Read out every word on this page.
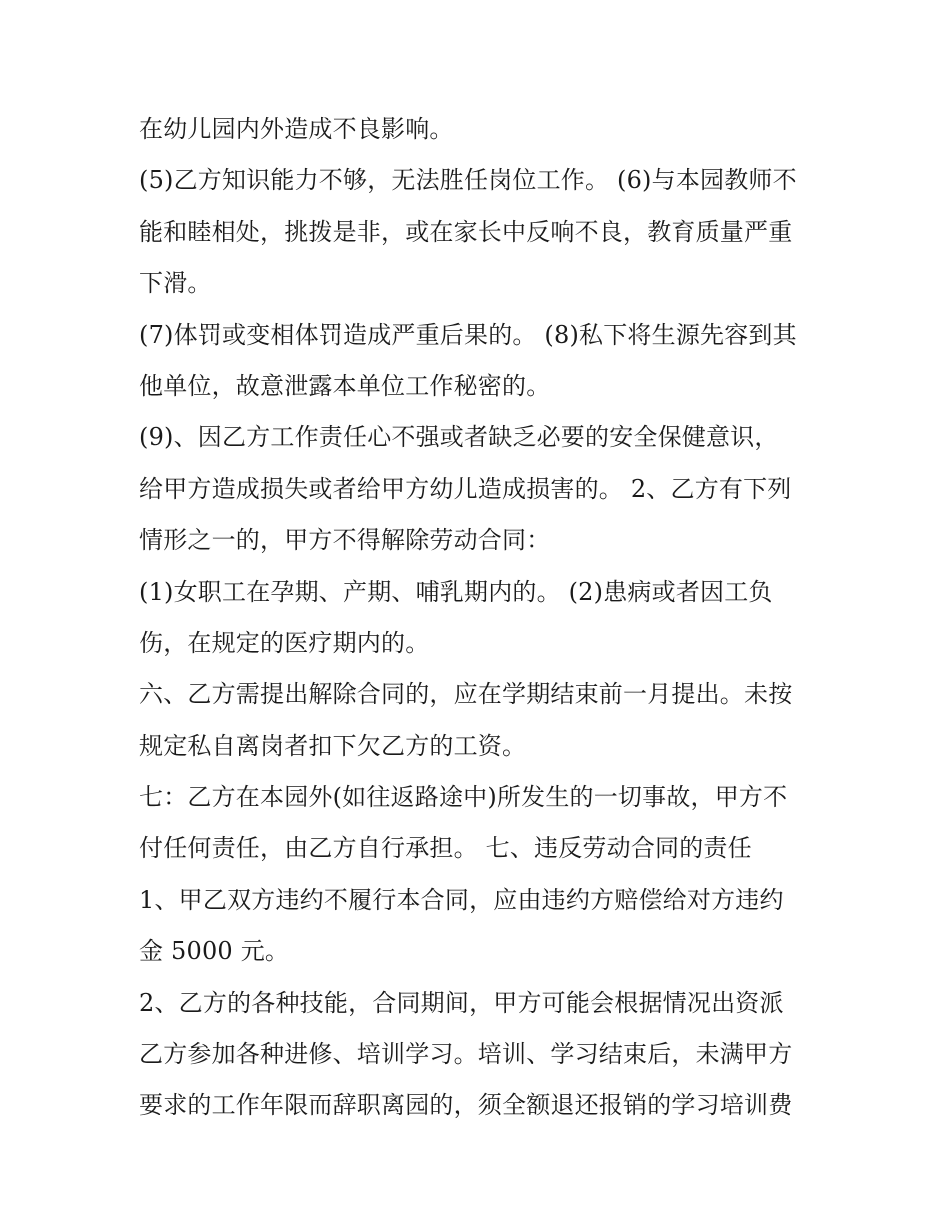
在幼儿园内外造成不良影响。
(5)乙方知识能力不够，无法胜任岗位工作。 (6)与本园教师不
能和睦相处，挑拨是非，或在家长中反响不良，教育质量严重
下滑。
(7)体罚或变相体罚造成严重后果的。 (8)私下将生源先容到其
他单位，故意泄露本单位工作秘密的。
(9)、因乙方工作责任心不强或者缺乏必要的安全保健意识，
给甲方造成损失或者给甲方幼儿造成损害的。 2、乙方有下列
情形之一的，甲方不得解除劳动合同：
(1)女职工在孕期、产期、哺乳期内的。 (2)患病或者因工负
伤，在规定的医疗期内的。
六、乙方需提出解除合同的，应在学期结束前一月提出。未按
规定私自离岗者扣下欠乙方的工资。
七：乙方在本园外(如往返路途中)所发生的一切事故，甲方不
付任何责任，由乙方自行承担。 七、违反劳动合同的责任
1、甲乙双方违约不履行本合同，应由违约方赔偿给对方违约
金 5000 元。
2、乙方的各种技能，合同期间，甲方可能会根据情况出资派
乙方参加各种进修、培训学习。培训、学习结束后，未满甲方
要求的工作年限而辞职离园的，须全额退还报销的学习培训费
